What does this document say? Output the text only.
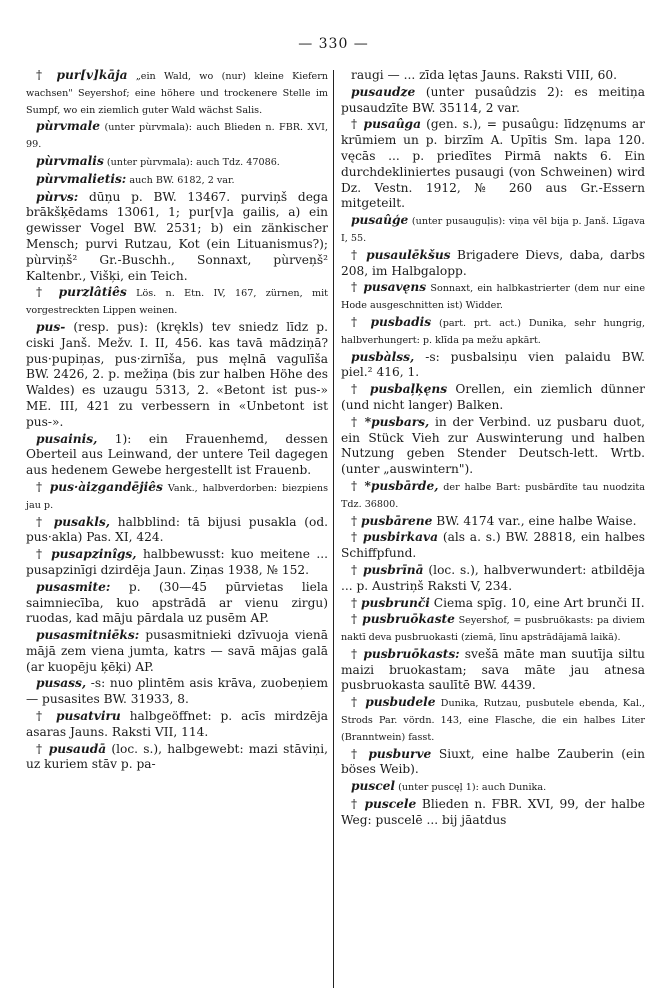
— 330 —

† pur[v]kāja „ein Wald, wo (nur) kleine Kiefern wachsen" Seyershof; eine höhere und trockenere Stelle im Sumpf, wo ein ziemlich guter Wald wächst Salis.

pùrvmale (unter pùrvmala): auch Blieden n. FBR. XVI, 99.

pùrvmalis (unter pùrvmala): auch Tdz. 47086.

pùrvmalietis: auch BW. 6182, 2 var.

pùrvs: dūņu p. BW. 13467. purviņš dega brākšķēdams 13061, 1; pur[v]a gailis, a) ein gewisser Vogel BW. 2531; b) ein zänkischer Mensch; purvi Rutzau, Kot (ein Lituanismus?); pùrviņš² Gr.-Buschh., Sonnaxt, pùrveņš² Kaltenbr., Višķi, ein Teich.

† purzlâtiês Lös. n. Etn. IV, 167, zürnen, mit vorgestreckten Lippen weinen.

pus- (resp. pus): (krękls) tev sniedz līdz p. ciski Janš. Mežv. I. II, 456. kas tavā mādziņā? pus·pupiņas, pus·zirnīša, pus męlnā vagulīša BW. 2426, 2. p. mežiņa (bis zur halben Höhe des Waldes) es uzaugu 5313, 2. «Betont ist pus-» ME. III, 421 zu verbessern in «Unbetont ist pus-».

pusainis, 1): ein Frauenhemd, dessen Oberteil aus Leinwand, der untere Teil dagegen aus hedenem Gewebe hergestellt ist Frauenb.

† pus·àizgandējiês Vank., halbverdorben: biezpiens jau p.

† pusakls, halbblind: tā bijusi pusakla (od. pus·akla) Pas. XI, 424.

† pusapzinîgs, halbbewusst: kuo meitene ... pusapzinīgi dzirdēja Jaun. Ziņas 1938, № 152.

pusasmite: p. (30—45 pūrvietas liela saimniecība, kuo apstrādā ar vienu zirgu) ruodas, kad māju pārdala uz pusēm AP.

pusasmitniēks: pusasmitnieki dzīvuoja vienā mājā zem viena jumta, katrs — savā mājas galā (ar kuopēju ķēķi) AP.

pusass, -s: nuo plintēm asis krāva, zuobeņiem — pusasites BW. 31933, 8.

† pusatviru halbgeöffnet: p. acīs mirdzēja asaras Jauns. Raksti VII, 114.

† pusaudā (loc. s.), halbgewebt: mazi stāviņi, uz kuriem stāv p. pa-

raugi — ... zīda lętas Jauns. Raksti VIII, 60.

pusaudze (unter pusaûdzis 2): es meitiņa pusaudzīte BW. 35114, 2 var.

† pusaûga (gen. s.), = pusaûgu: līdzęnums ar krūmiem un p. birzīm A. Upītis Sm. lapa 120. vęcās ... p. priedītes Pirmā nakts 6. Ein durchdekliniertes pusaugi (von Schweinen) wird Dz. Vestn. 1912, № 260 aus Gr.-Essern mitgeteilt.

pusaûģe (unter pusauguļis): viņa vēl bija p. Janš. Līgava I, 55.

† pusaulēkšus Brigadere Dievs, daba, darbs 208, im Halbgalopp.

† pusavęns Sonnaxt, ein halbkastrierter (dem nur eine Hode ausgeschnitten ist) Widder.

† pusbadis (part. prt. act.) Dunika, sehr hungrig, halbverhungert: p. klīda pa mežu apkārt.

pusbàlss, -s: pusbalsiņu vien palaidu BW. piel.² 416, 1.

† pusbaļķęns Orellen, ein ziemlich dünner (und nicht langer) Balken.

† *pusbars, in der Verbind. uz pusbaru duot, ein Stück Vieh zur Auswinterung und halben Nutzung geben Stender Deutsch-lett. Wrtb. (unter „auswintern").

† *pusbārde, der halbe Bart: pusbārdīte tau nuodzita Tdz. 36800.

† pusbārene BW. 4174 var., eine halbe Waise.

† pusbirkava (als a. s.) BW. 28818, ein halbes Schiffpfund.

† pusbrīnā (loc. s.), halbverwundert: atbildēja ... p. Austriņš Raksti V, 234.

† pusbrunči Ciema spīg. 10, eine Art brunči II.

† pusbruōkaste Seyershof, = pusbruōkasts: pa diviem naktī deva pusbruokasti (ziemā, līnu apstrādājamā laikā).

† pusbruōkasts: svešā māte man suutīja siltu maizi bruokastam; sava māte jau atnesa pusbruokasta saulītē BW. 4439.

† pusbudele Dunika, Rutzau, pusbutele ebenda, Kal., Strods Par. vördn. 143, eine Flasche, die ein halbes Liter (Branntwein) fasst.

† pusburve Siuxt, eine halbe Zauberin (ein böses Weib).

puscel (unter puscęļ 1): auch Dunika.

† puscele Blieden n. FBR. XVI, 99, der halbe Weg: puscelē ... bij jāatdus
